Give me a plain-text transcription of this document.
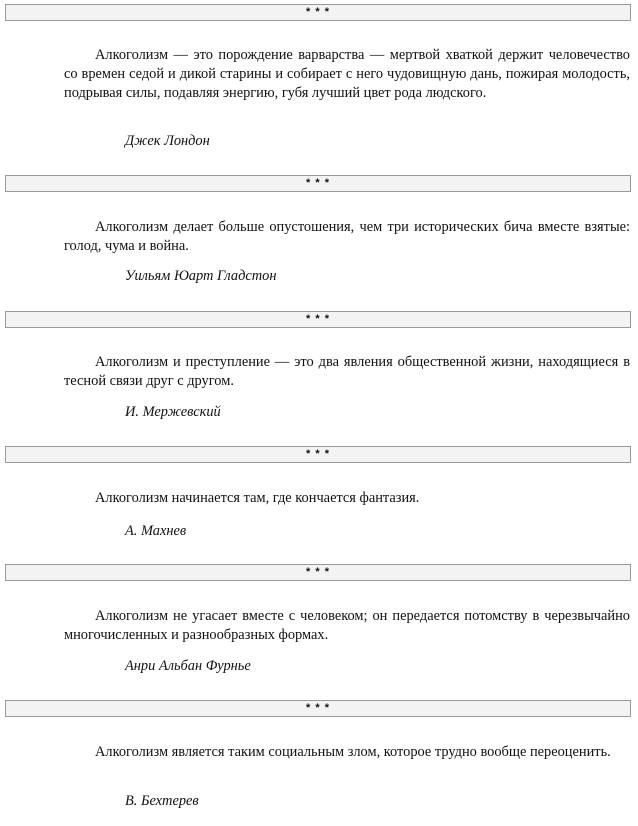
* * *

Алкоголизм — это порождение варварства — мертвой хваткой держит человечество со времен седой и дикой старины и собирает с него чудовищную дань, пожирая молодость, подрывая силы, подавляя энергию, губя лучший цвет рода людского.

Джек Лондон
* * *

Алкоголизм делает больше опустошения, чем три исторических бича вместе взятые: голод, чума и война.

Уильям Юарт Гладстон
* * *

Алкоголизм и преступление — это два явления общественной жизни, находящиеся в тесной связи друг с другом.

И. Мержевский
* * *

Алкоголизм начинается там, где кончается фантазия.

А. Махнев
* * *

Алкоголизм не угасает вместе с человеком; он передается потомству в черезвычайно многочисленных и разнообразных формах.

Анри Альбан Фурнье
* * *

Алкоголизм является таким социальным злом, которое трудно вообще переоценить.

В. Бехтерев
